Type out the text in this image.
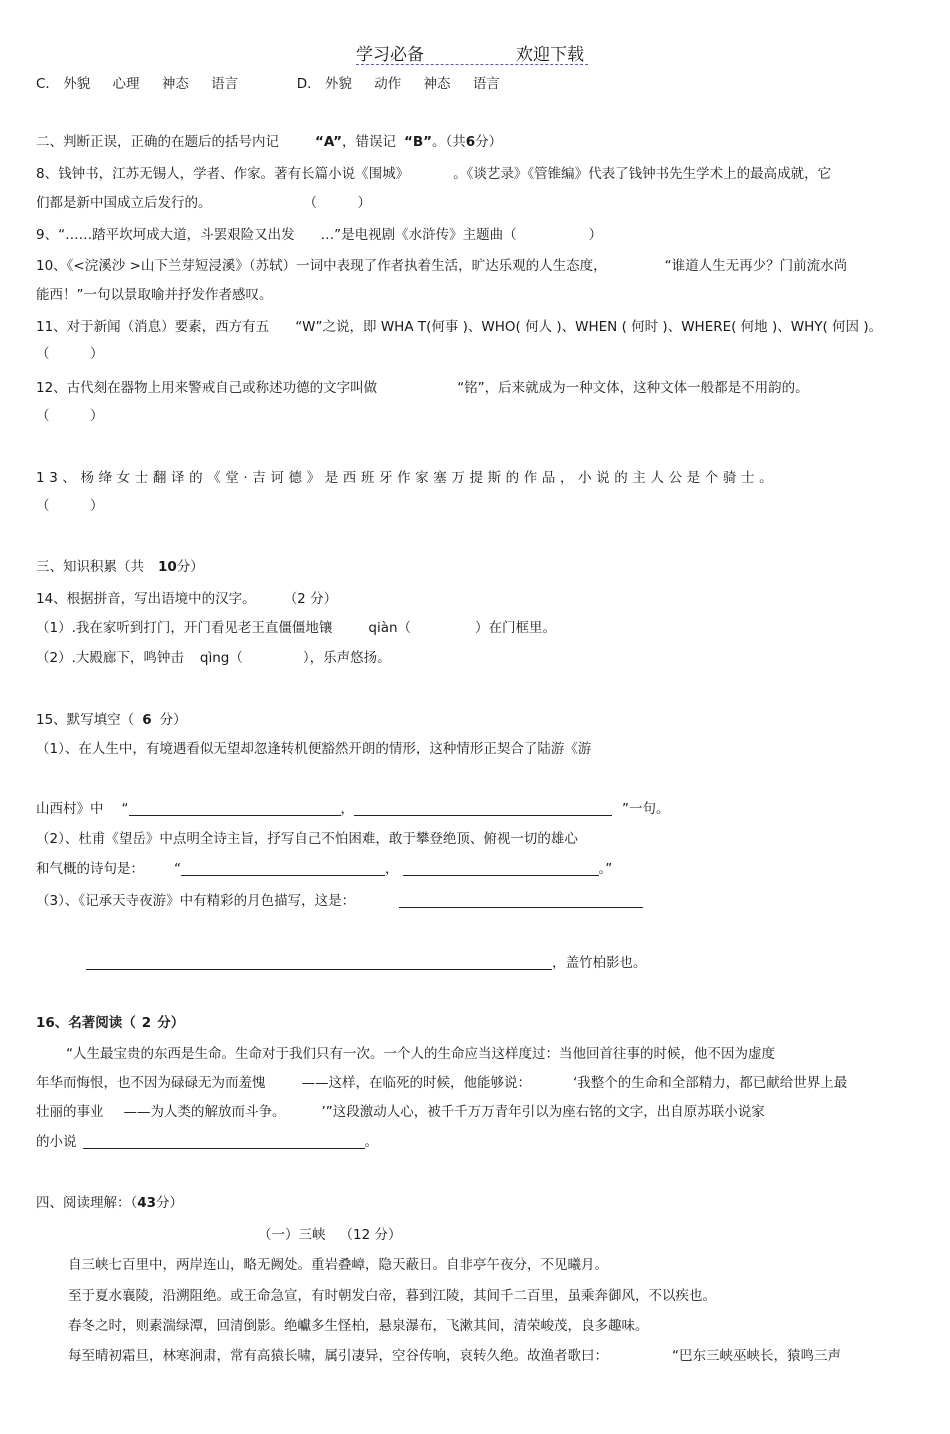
学习必备	欢迎下载
C． 外貌 心理 神态 语言	D． 外貌 动作 神态 语言
二、判断正误，正确的在题后的括号内记	“A”，错误记 “B”。（共6分）
8、钱钟书，江苏无锡人，学者、作家。著有长篇小说《围城》	。《谈艺录》《管锥编》代表了钱钟书先生学术上的最高成就，它
们都是新中国成立后发行的。	（　　　）
9、“……踏平坎坷成大道，斗罢艰险又出发 …”是电视剧《水浒传》主题曲（	）
10、《<浣溪沙 >山下兰芽短浸溪》（苏轼）一词中表现了作者执着生活，旷达乐观的人生态度，	“谁道人生无再少？门前流水尚
能西！”一句以景取喻并抒发作者感叹。
11、对于新闻（消息）要素，西方有五 “W”之说，即 WHA T(何事 )、WHO( 何人 )、WHEN ( 何时 )、WHERE( 何地 )、WHY( 何因 )。
（　　　）
12、古代刻在器物上用来警戒自己或称述功德的文字叫做	“铭”，后来就成为一种文体，这种文体一般都是不用韵的。
（　　　）
13、杨绛女士翻译的《堂·吉诃德》是西班牙作家塞万提斯的作品，小说的主人公是个骑士。
（　　　）
三、知识积累（共 10分）
14、根据拼音，写出语境中的汉字。 （2 分）
（1）.我在家听到打门，开门看见老王直僵僵地镶	qiàn（	）在门框里。
（2）.大殿廊下，鸣钟击 qìng（	），乐声悠扬。
15、默写填空（ 6 分）
（1）、在人生中，有境遇看似无望却忽逢转机便豁然开朗的情形，这种情形正契合了陆游《游
山西村》中 “	，	”一句。
（2）、杜甫《望岳》中点明全诗主旨，抒写自己不怕困难，敢于攀登绝顶、俯视一切的雄心
和气概的诗句是： “	，	。”
（3）、《记承天寺夜游》中有精彩的月色描写，这是：
，盖竹柏影也。
16、名著阅读（ 2 分）
“人生最宝贵的东西是生命。生命对于我们只有一次。一个人的生命应当这样度过：当他回首往事的时候，他不因为虚度
年华而悔恨，也不因为碌碌无为而羞愧	——这样，在临死的时候，他能够说：	‘我整个的生命和全部精力，都已献给世界上最
壮丽的事业 ——为人类的解放而斗争。	’”这段激动人心，被千千万万青年引以为座右铭的文字，出自原苏联小说家
的小说	。
四、阅读理解：（43分）
（一）三峡 （12 分）
自三峡七百里中，两岸连山，略无阙处。重岩叠嶂，隐天蔽日。自非亭午夜分，不见曦月。
至于夏水襄陵，沿溯阻绝。或王命急宣，有时朝发白帝，暮到江陵，其间千二百里，虽乘奔御风，不以疾也。
春冬之时，则素湍绿潭，回清倒影。绝巘多生怪柏，悬泉瀑布，飞漱其间，清荣峻茂，良多趣味。
每至晴初霜旦，林寒涧肃，常有高猿长啸，属引凄异，空谷传响，哀转久绝。故渔者歌曰：	“巴东三峡巫峡长，猿鸣三声
